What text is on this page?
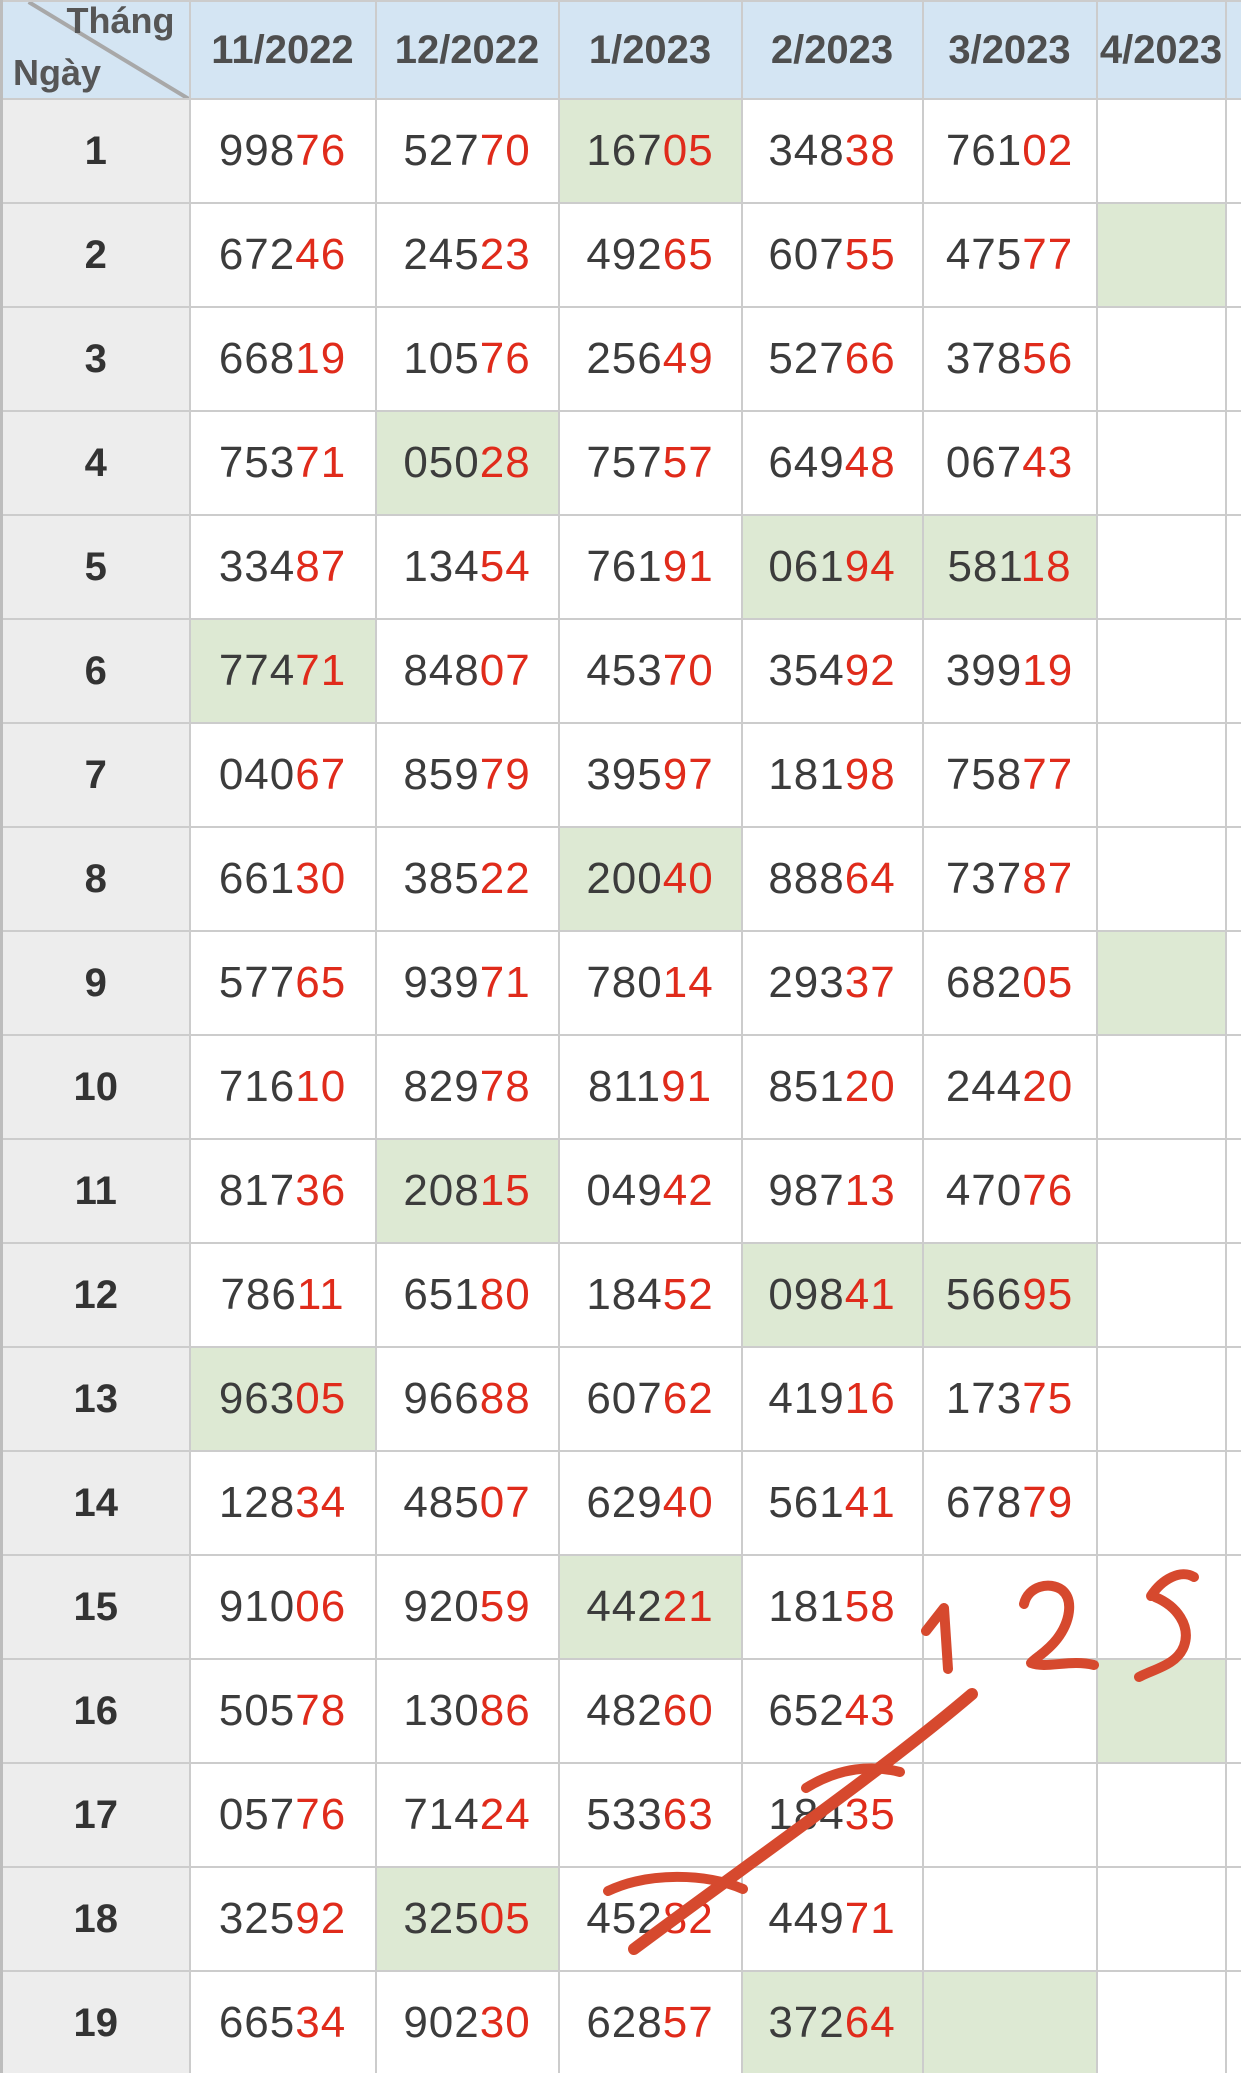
Tháng
Ngày	11/2022	12/2022	1/2023	2/2023	3/2023	4/2023	
1	99876	52770	16705	34838	76102		
2	67246	24523	49265	60755	47577		
3	66819	10576	25649	52766	37856		
4	75371	05028	75757	64948	06743		
5	33487	13454	76191	06194	58118		
6	77471	84807	45370	35492	39919		
7	04067	85979	39597	18198	75877		
8	66130	38522	20040	88864	73787		
9	57765	93971	78014	29337	68205		
10	71610	82978	81191	85120	24420		
11	81736	20815	04942	98713	47076		
12	78611	65180	18452	09841	56695		
13	96305	96688	60762	41916	17375		
14	12834	48507	62940	56141	67879		
15	91006	92059	44221	18158			
16	50578	13086	48260	65243			
17	05776	71424	53363	18435			
18	32592	32505	45282	44971			
19	66534	90230	62857	37264			
